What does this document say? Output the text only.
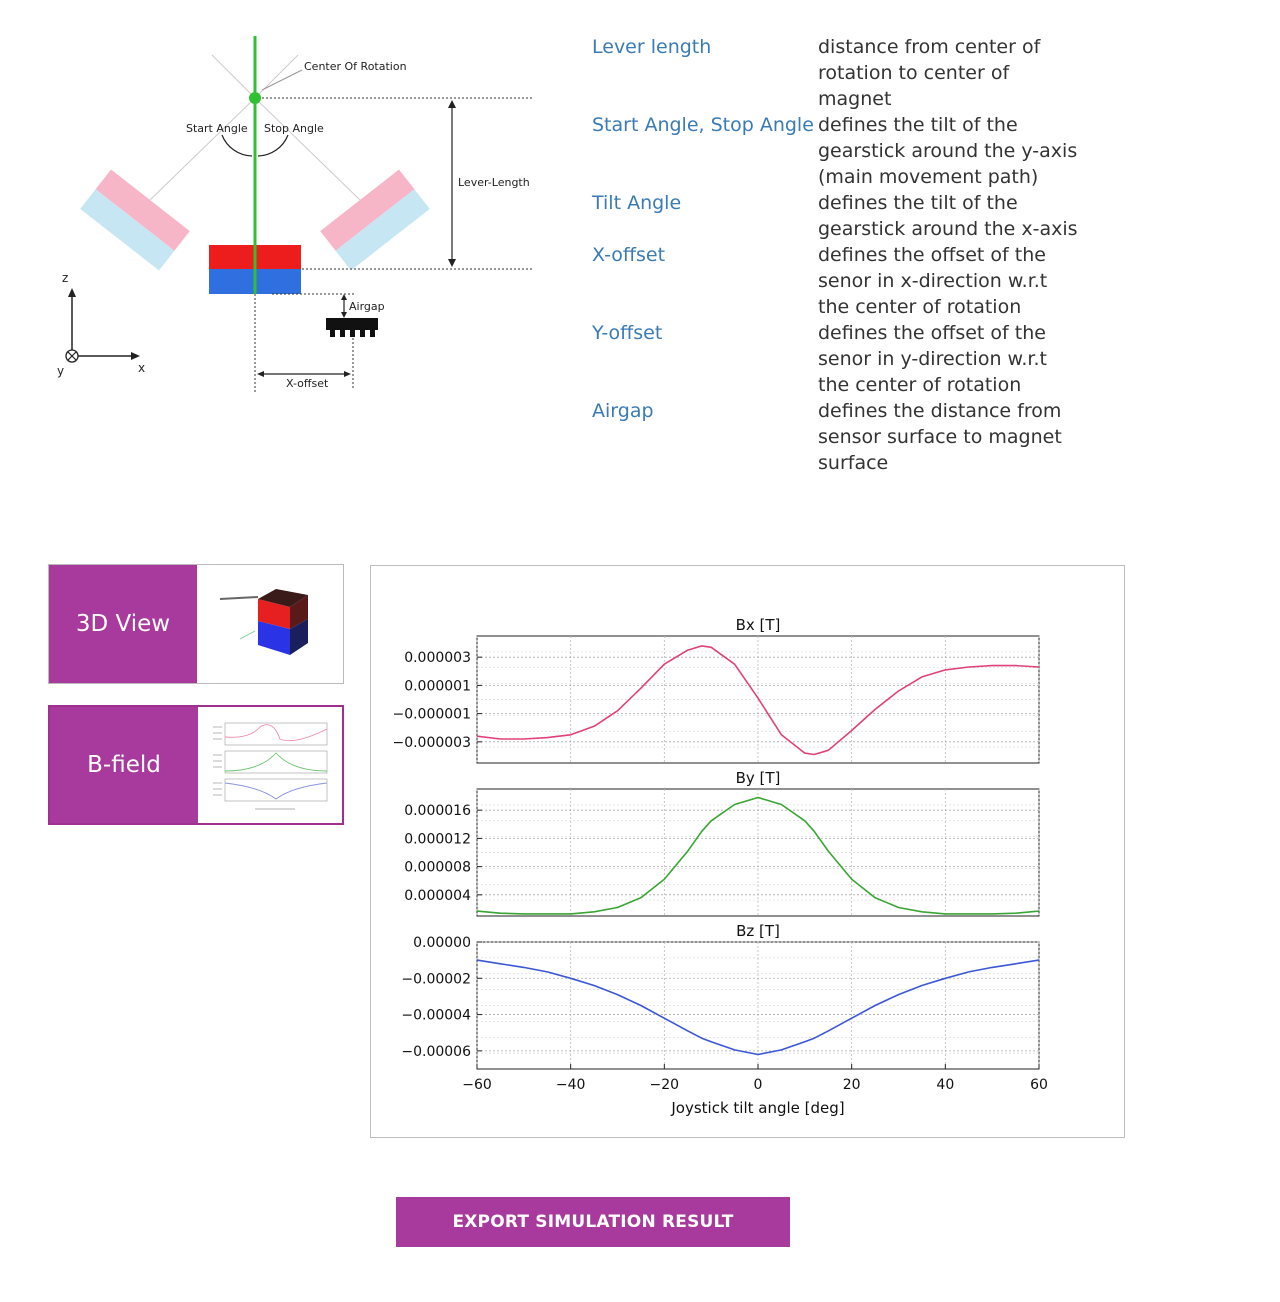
Center Of Rotation
Start Angle Stop Angle
Lever-Length
Airgap
X-offset
z
x
y
Lever length	distance from center of
rotation to center of
magnet
Start Angle, Stop Angle defines the tilt of the
gearstick around the y-axis
(main movement path)
Tilt Angle	defines the tilt of the
gearstick around the x-axis
X-offset	defines the offset of the
senor in x-direction w.r.t
the center of rotation
Y-offset	defines the offset of the
senor in y-direction w.r.t
the center of rotation
Airgap	defines the distance from
sensor surface to magnet
surface
3D View
B-field
0.000003
0.000001
−0.000001
−0.000003
Bx [T]
0.000016
0.000012
0.000008
0.000004
By [T]
0.00000
−0.00002
−0.00004
−0.00006
Bz [T]
−60	−40	−20	0	20	40	60
Joystick tilt angle [deg]
EXPORT SIMULATION RESULT
